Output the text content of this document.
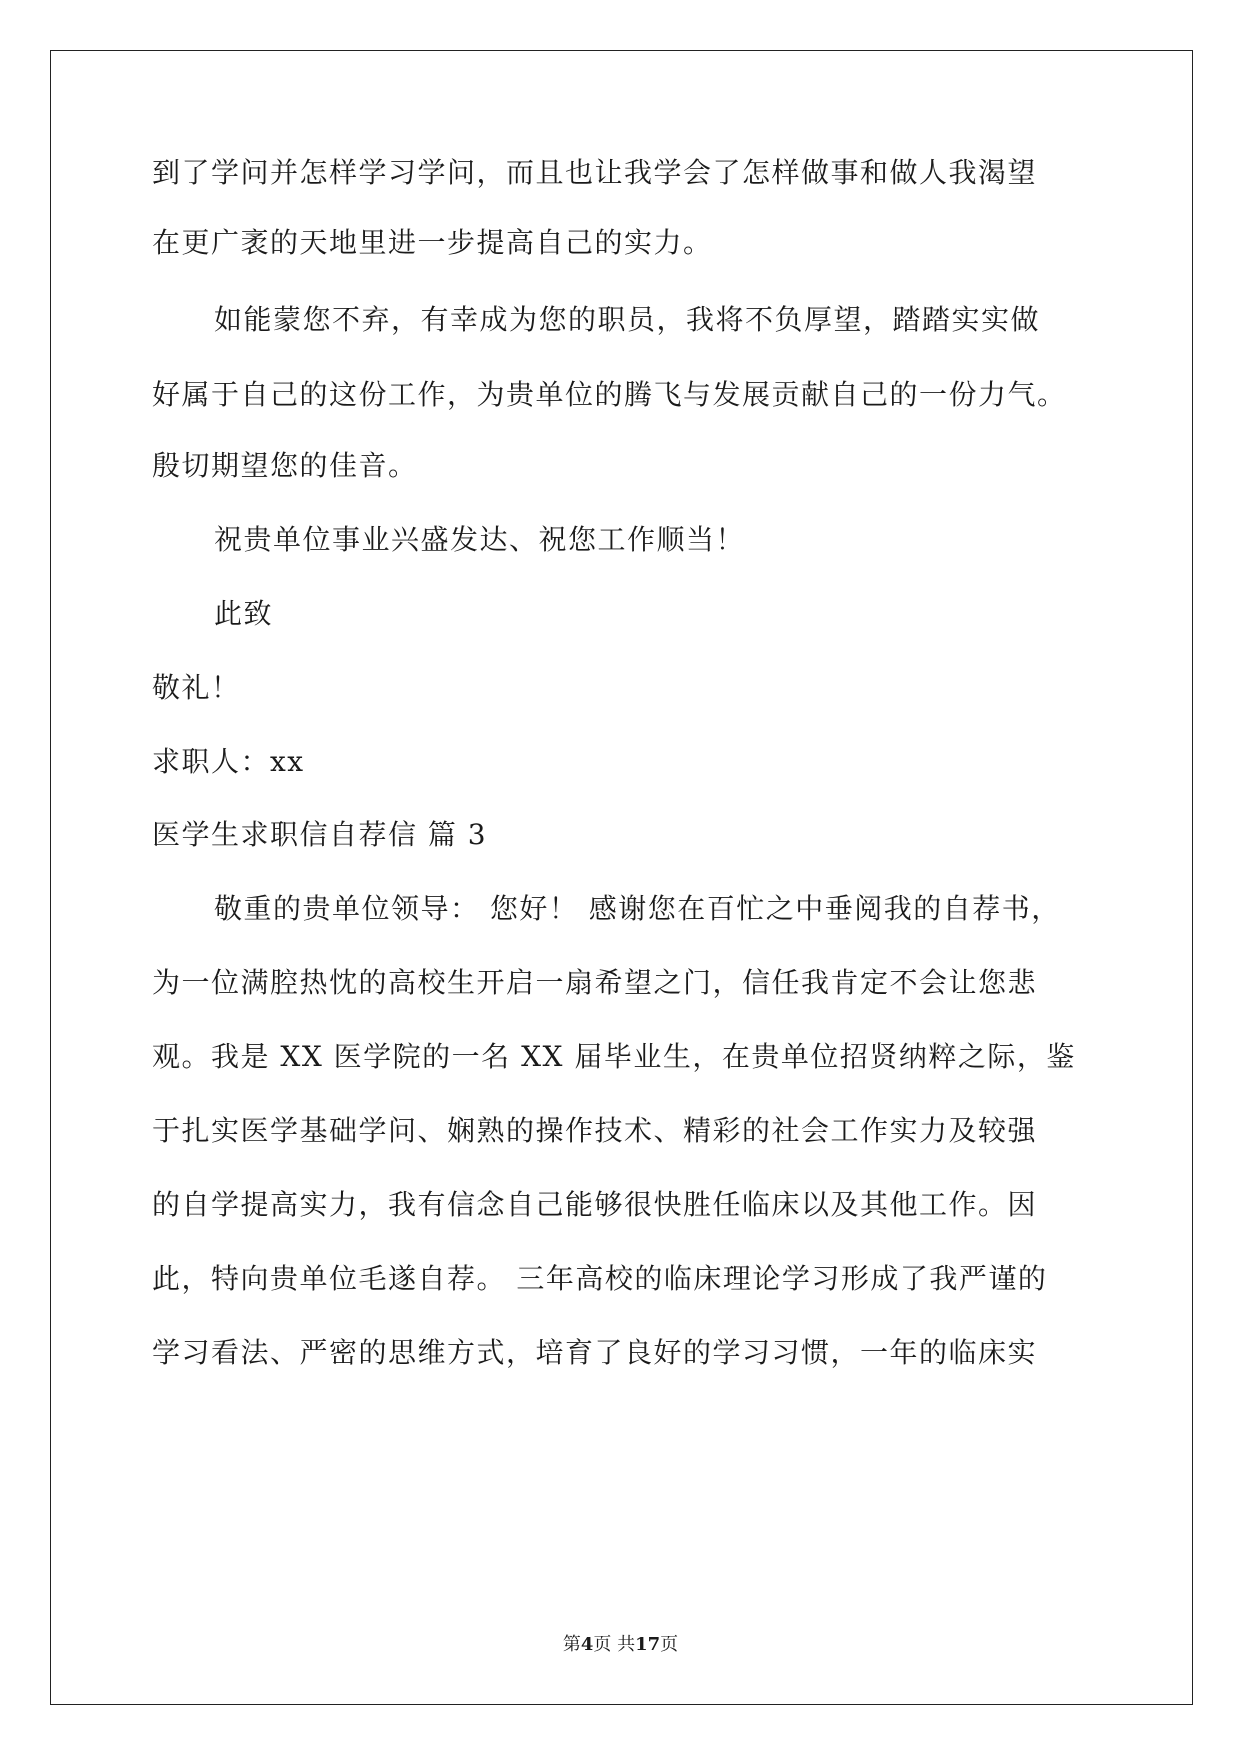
到了学问并怎样学习学问，而且也让我学会了怎样做事和做人我渴望
在更广袤的天地里进一步提高自己的实力。
如能蒙您不弃，有幸成为您的职员，我将不负厚望，踏踏实实做
好属于自己的这份工作，为贵单位的腾飞与发展贡献自己的一份力气。
殷切期望您的佳音。
祝贵单位事业兴盛发达、祝您工作顺当！
此致
敬礼！
求职人：xx
医学生求职信自荐信 篇 3
敬重的贵单位领导： 您好！ 感谢您在百忙之中垂阅我的自荐书，
为一位满腔热忱的高校生开启一扇希望之门，信任我肯定不会让您悲
观。我是 XX 医学院的一名 XX 届毕业生，在贵单位招贤纳粹之际，鉴
于扎实医学基础学问、娴熟的操作技术、精彩的社会工作实力及较强
的自学提高实力，我有信念自己能够很快胜任临床以及其他工作。因
此，特向贵单位毛遂自荐。 三年高校的临床理论学习形成了我严谨的
学习看法、严密的思维方式，培育了良好的学习习惯，一年的临床实
第4页 共17页
